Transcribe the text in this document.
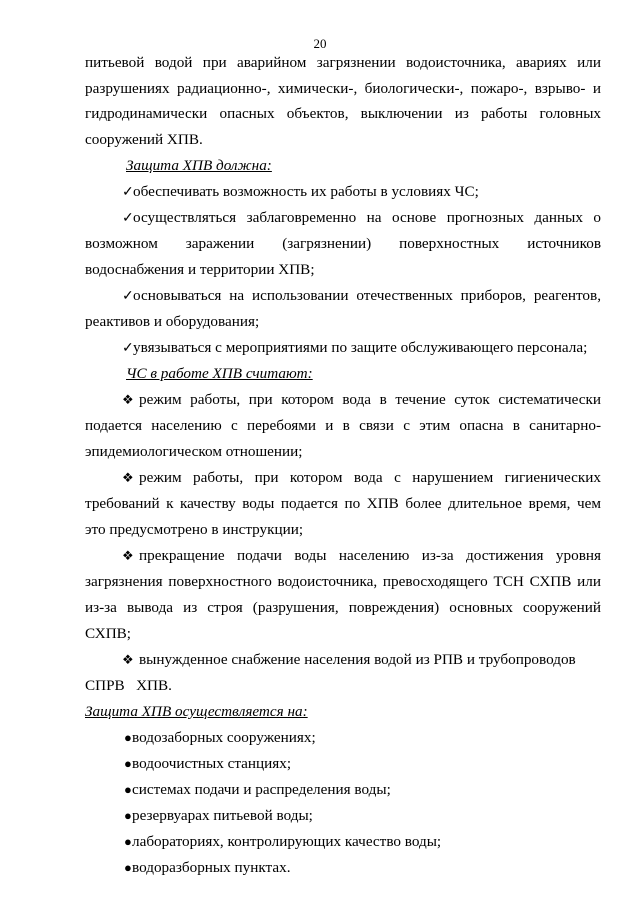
20
питьевой водой при аварийном загрязнении водоисточника, авариях или
разрушениях радиационно-, химически-, биологически-, пожаро-, взрыво- и
гидродинамически опасных объектов, выключении из работы головных
сооружений ХПВ.
Защита ХПВ должна:
✓обеспечивать возможность их работы в условиях ЧС;
✓осуществляться заблаговременно на основе прогнозных данных о
возможном заражении (загрязнении) поверхностных источников
водоснабжения и территории ХПВ;
✓основываться на использовании отечественных приборов, реагентов,
реактивов и оборудования;
✓увязываться с мероприятиями по защите обслуживающего персонала;
ЧС в работе ХПВ считают:
❖ режим работы, при котором вода в течение суток систематически
подается населению с перебоями и в связи с этим опасна в санитарно-
эпидемиологическом отношении;
❖ режим работы, при котором вода с нарушением гигиенических
требований к качеству воды подается по ХПВ более длительное время, чем
это предусмотрено в инструкции;
❖ прекращение подачи воды населению из-за достижения уровня
загрязнения поверхностного водоисточника, превосходящего ТСН СХПВ или
из-за вывода из строя (разрушения, повреждения) основных сооружений
СХПВ;
❖ вынужденное снабжение населения водой из РПВ и трубопроводов
СПРВ   ХПВ.
Защита ХПВ осуществляется на:
●водозаборных сооружениях;
●водоочистных станциях;
●системах подачи и распределения воды;
●резервуарах питьевой воды;
●лабораториях, контролирующих качество воды;
●водоразборных пунктах.
